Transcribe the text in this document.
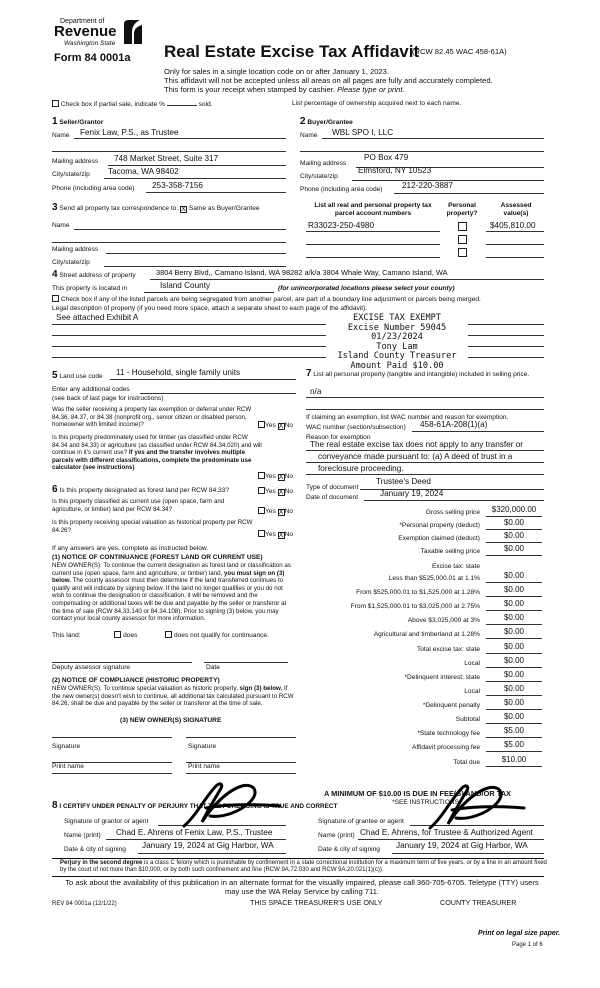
Department of
Revenue
Washington State
Form 84 0001a Real Estate Excise Tax Affidavit
(RCW 82.45 WAC 458-61A)
Only for sales in a single location code on or after January 1, 2023.
This affidavit will not be accepted unless all areas on all pages are fully and accurately completed.
This form is your receipt when stamped by cashier. Please type or print.
Check box if partial sale, indicate %	sold.	List percentage of ownership acquired next to each name.
1 Seller/Grantor
Name Fenix Law, P.S., as Trustee
Mailing address 748 Market Street, Suite 317
City/state/zip Tacoma, WA 98402
Phone (including area code) 253-358-7156
2 Buyer/Grantee
Name WBL SPO I, LLC
Mailing address
PO Box 479
City/state/zip
Elmsford, NY 10523
Phone (including area code) 212-220-3887
3 Send all property tax correspondence to: X Same as Buyer/Grantee
Name
Mailing address
City/state/zip
List all real and personal property tax parcel account numbers
Personal property?
Assessed value(s)
R33023-250-4980	$405,810.00
4 Street address of property	3804 Berry Blvd,, Camano Island, WA 98282 a/k/a 3804 Whale Way, Camano Island, WA
This property is located in	Island County	(for unincorporated locations please select your county)
Check box if any of the listed parcels are being segregated from another parcel, are part of a boundary line adjustment or parcels being merged.
Legal description of property (if you need more space, attach a separate sheet to each page of the affidavit).
See attached Exhibit A	EXCISE TAX EXEMPT
Excise Number 59045
01/23/2024
Tony Lam
Island County Treasurer
Amount Paid $10.00
5 Land use code 11 - Household, single family units
Enter any additional codes
(see back of last page for instructions)
Was the seller receiving a property tax exemption or deferral under RCW 84.36, 84.37, or 84.38 (nonprofit org., senior citizen or disabled person, homeowner with limited income)?	Yes XNo
Is this property predominately used for timber (as classified under RCW 84.34 and 84.33) or agriculture (as classified under RCW 84.34.020) and will continue in it's current use? If yes and the transfer involves multiple parcels with different classifications, complete the predominate use calculator (see instructions)
Yes XNo
6 Is this property designated as forest land per RCW 84.33?	Yes XNo
Is this property classified as current use (open space, farm and agriculture, or timber) land per RCW 84.34?	Yes XNo
Is this property receiving special valuation as historical property per RCW 84.26?
Yes XNo
If any answers are yes, complete as instructed below.
(1) NOTICE OF CONTINUANCE (FOREST LAND OR CURRENT USE)
NEW OWNER(S): To continue the current designation as forest land or classification as current use (open space, farm and agriculture, or timber) land, you must sign on (3) below. The county assessor must then determine if the land transferred continues to qualify and will indicate by signing below. If the land no longer qualifies or you do not wish to continue the designation or classification, it will be removed and the compensating or additional taxes will be due and payable by the seller or transferor at the time of sale (RCW 84.33.140 or 84.34.108). Prior to signing (3) below, you may contact your local county assessor for more information.
This land:	does	does not qualify for continuance.
Deputy assessor signature	Date
(2) NOTICE OF COMPLIANCE (HISTORIC PROPERTY)
NEW OWNER(S): To continue special valuation as historic property, sign (3) below. If the new owner(s) doesn't wish to continue, all additional tax calculated pursuant to RCW 84.26, shall be due and payable by the seller or transferor at the time of sale.
(3) NEW OWNER(S) SIGNATURE
Signature	Signature
Print name	Print name
7 List all personal property (tangible and intangible) included in selling price.
n/a
If claiming an exemption, list WAC number and reason for exemption.
WAC number (section/subsection) 458-61A-208(1)(a)
Reason for exemption
The real estate excise tax does not apply to any transfer or
conveyance made pursuant to: (a) A deed of trust in a
foreclosure proceeding.
Type of document
Trustee's Deed
Date of document	January 19, 2024
Gross selling price	$320,000.00
*Personal property (deduct)	$0.00
Exemption claimed (deduct)	$0.00
Taxable selling price	$0.00
Excise tax: state
Less than $525,000.01 at 1.1%	$0.00
From $525,000.01 to $1,525,000 at 1.28%	$0.00
From $1,525,000.01 to $3,025,000 at 2.75%	$0.00
Above $3,025,000 at 3%	$0.00
Agricultural and timberland at 1.28%	$0.00
Total excise tax: state	$0.00
Local	$0.00
*Delinquent interest: state	$0.00
Local	$0.00
*Delinquent penalty	$0.00
Subtotal	$0.00
*State technology fee	$5.00
Affidavit processing fee	$5.00
Total due	$10.00
A MINIMUM OF $10.00 IS DUE IN FEE(S) AND/OR TAX
*SEE INSTRUCTIONS
8 I CERTIFY UNDER PENALTY OF PERJURY THAT THE FOREGOING IS TRUE AND CORRECT
Signature of grantor or agent	Signature of grantee or agent
Name (print) Chad E. Ahrens of Fenix Law, P.S., Trustee	Name (print) Chad E. Ahrens, for Trustee & Authorized Agent
Date & city of signing January 19, 2024 at Gig Harbor, WA	Date & city of signing January 19, 2024 at Gig Harbor, WA
Perjury in the second degree is a class C felony which is punishable by confinement in a state correctional institution for a maximum term of five years, or by a fine in an amount fixed by the court of not more than $10,000, or by both such confinement and fine (RCW 9A.72.030 and RCW 9A.20.021(1)(c)).
To ask about the availability of this publication in an alternate format for the visually impaired, please call 360-705-6705. Teletype (TTY) users may use the WA Relay Service by calling 711.
REV 84 0001a (12/1/22)	THIS SPACE TREASURER'S USE ONLY	COUNTY TREASURER
Print on legal size paper.
Page 1 of 6
